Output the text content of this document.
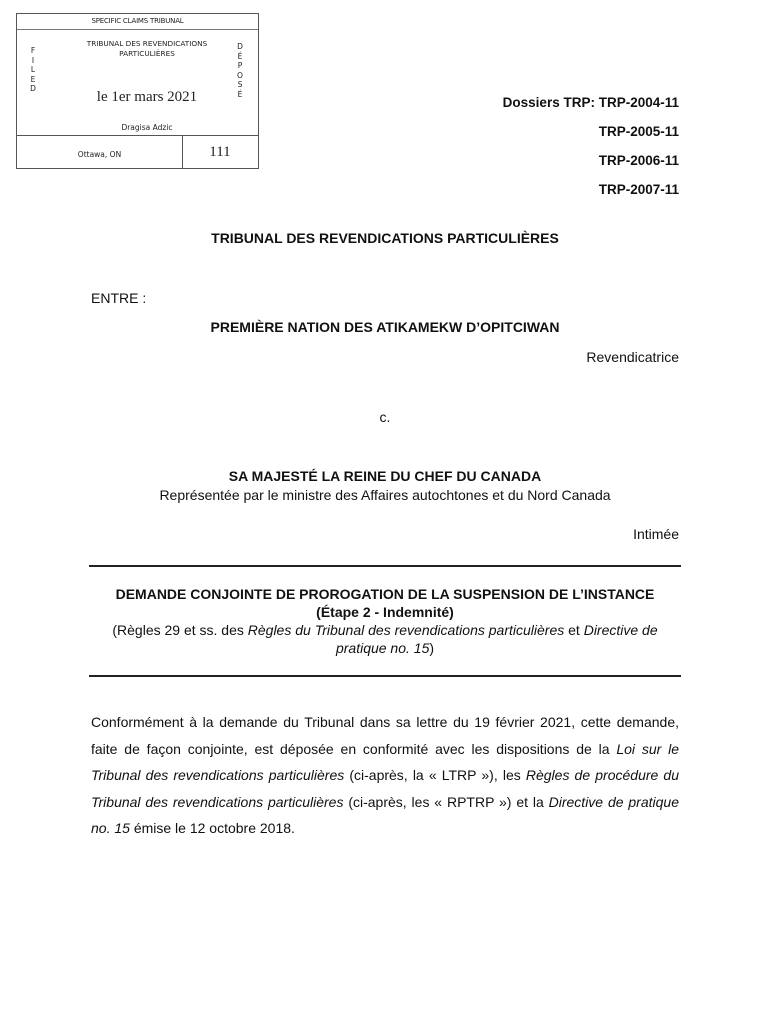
SPECIFIC CLAIMS TRIBUNAL
TRIBUNAL DES REVENDICATIONS
PARTICULIÈRES
F
I
L
E
D
D
É
P
O
S
É
le 1er mars 2021
Dragisa Adzic
Ottawa, ON	111
Dossiers TRP: TRP-2004-11
TRP-2005-11
TRP-2006-11
TRP-2007-11
TRIBUNAL DES REVENDICATIONS PARTICULIÈRES
ENTRE :
PREMIÈRE NATION DES ATIKAMEKW D’OPITCIWAN
Revendicatrice
c.
SA MAJESTÉ LA REINE DU CHEF DU CANADA
Représentée par le ministre des Affaires autochtones et du Nord Canada
Intimée
DEMANDE CONJOINTE DE PROROGATION DE LA SUSPENSION DE L’INSTANCE
(Étape 2 - Indemnité)
(Règles 29 et ss. des Règles du Tribunal des revendications particulières et Directive de pratique no. 15)
Conformément à la demande du Tribunal dans sa lettre du 19 février 2021, cette demande, faite de façon conjointe, est déposée en conformité avec les dispositions de la Loi sur le Tribunal des revendications particulières (ci-après, la « LTRP »), les Règles de procédure du Tribunal des revendications particulières (ci-après, les « RPTRP ») et la Directive de pratique no. 15 émise le 12 octobre 2018.
